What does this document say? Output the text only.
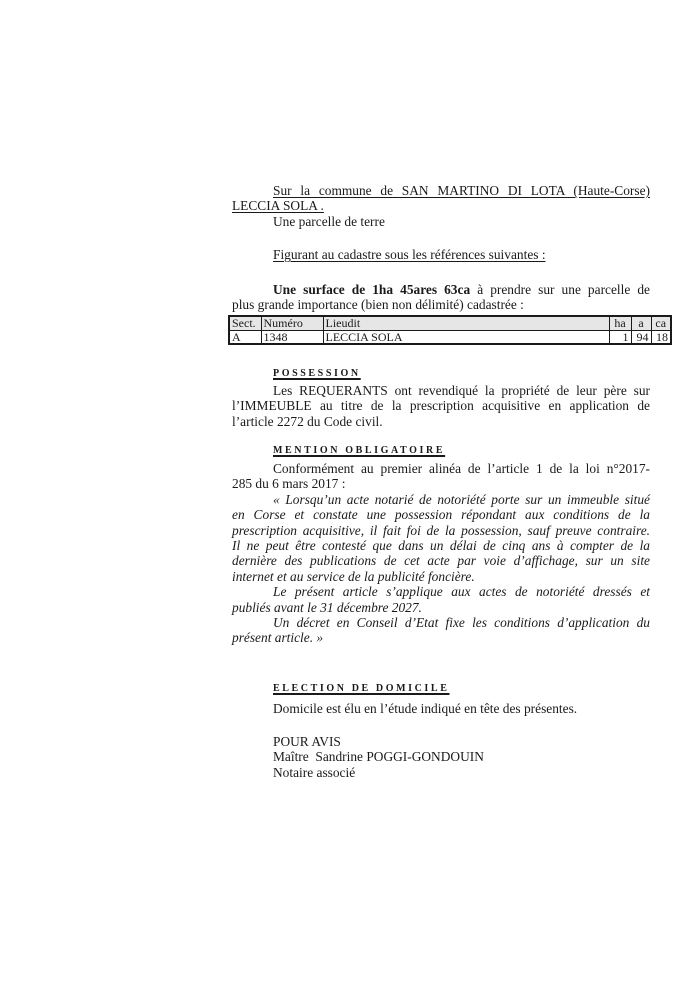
Sur la commune de SAN MARTINO DI LOTA (Haute-Corse)
LECCIA SOLA .
Une parcelle de terre
Figurant au cadastre sous les références suivantes :
Une surface de 1ha 45ares 63ca à prendre sur une parcelle de
plus grande importance (bien non délimité) cadastrée :
Sect.	Numéro	Lieudit	ha	a	ca
A	1348	LECCIA SOLA	1	94	18
POSSESSION
Les REQUERANTS ont revendiqué la propriété de leur père sur
l’IMMEUBLE au titre de la prescription acquisitive en application de
l’article 2272 du Code civil.
MENTION OBLIGATOIRE
Conformément au premier alinéa de l’article 1 de la loi n°2017-
285 du 6 mars 2017 :
« Lorsqu’un acte notarié de notoriété porte sur un immeuble situé
en Corse et constate une possession répondant aux conditions de la
prescription acquisitive, il fait foi de la possession, sauf preuve contraire.
Il ne peut être contesté que dans un délai de cinq ans à compter de la
dernière des publications de cet acte par voie d’affichage, sur un site
internet et au service de la publicité foncière.
Le présent article s’applique aux actes de notoriété dressés et
publiés avant le 31 décembre 2027.
Un décret en Conseil d’Etat fixe les conditions d’application du
présent article. »
ELECTION DE DOMICILE
Domicile est élu en l’étude indiqué en tête des présentes.
POUR AVIS
Maître  Sandrine POGGI-GONDOUIN
Notaire associé
